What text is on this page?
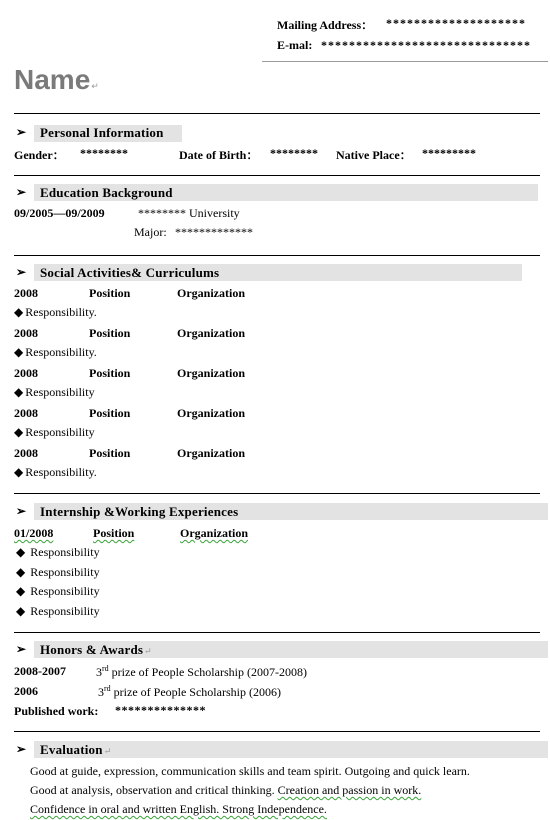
Mailing Address： ********************
E-mal: ******************************
Name↵
➢ Personal Information
Gender： ********	Date of Birth： ******** Native Place： *********
➢ Education Background
09/2005—09/2009	******** University
Major: *************
➢ Social Activities& Curriculums
2008	Position	Organization
◆ Responsibility.
2008	Position	Organization
◆ Responsibility.
2008	Position	Organization
◆ Responsibility
2008	Position	Organization
◆ Responsibility
2008	Position	Organization
◆ Responsibility.
➢ Internship &Working Experiences
01/2008	Position	Organization
◆ Responsibility
◆ Responsibility
◆ Responsibility
◆ Responsibility
➢ Honors & Awards↵
2008-2007	3rd prize of People Scholarship (2007-2008)
2006	3rd prize of People Scholarship (2006)
Published work: **************
➢ Evaluation↵
Good at guide, expression, communication skills and team spirit. Outgoing and quick learn.
Good at analysis, observation and critical thinking. Creation and passion in work.
Confidence in oral and written English. Strong Independence.
